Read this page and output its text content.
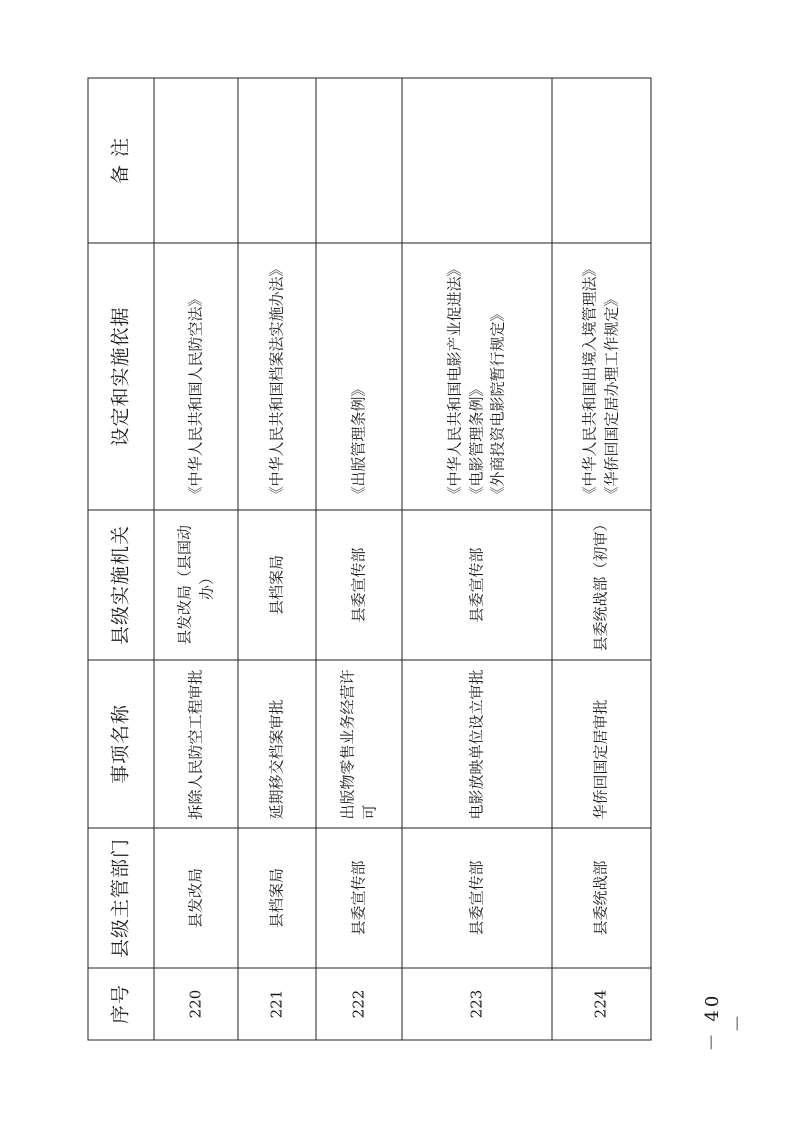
序号	县级主管部门	事项名称	县级实施机关	设定和实施依据	备 注
220	县发改局	拆除人民防空工程审批	县发改局（县国动办）	《中华人民共和国人民防空法》	

221	县档案局	延期移交档案审批	县档案局	《中华人民共和国档案法实施办法》	

222	县委宣传部	出版物零售业务经营许可	县委宣传部	《出版管理条例》	

223	县委宣传部	电影放映单位设立审批	县委宣传部	《中华人民共和国电影产业促进法》 《电影管理条例》 《外商投资电影院暂行规定》	

224	县委统战部	华侨回国定居审批	县委统战部（初审）	《中华人民共和国出境入境管理法》 《华侨回国定居办理工作规定》	

－ 40 －
